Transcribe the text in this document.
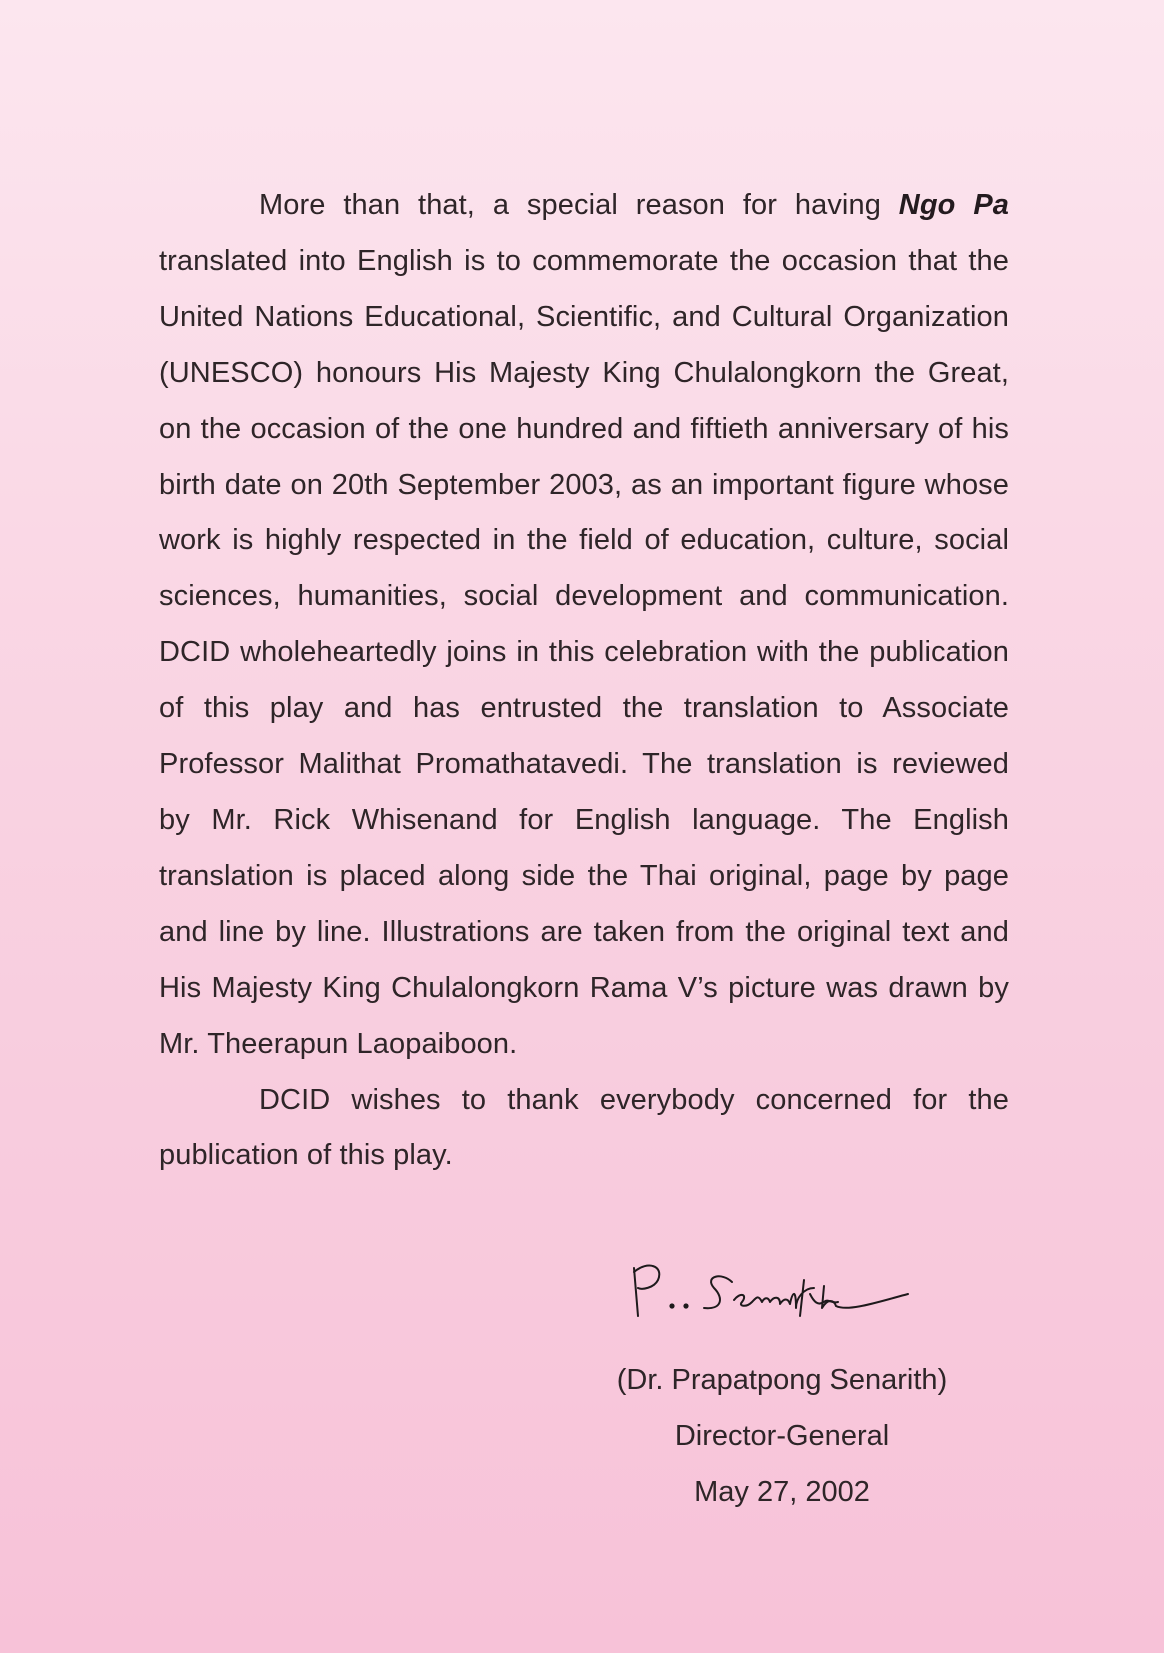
More than that, a special reason for having Ngo Pa translated into English is to commemorate the occasion that the United Nations Educational, Scientific, and Cultural Organization (UNESCO) honours His Majesty King Chulalongkorn the Great, on the occasion of the one hundred and fiftieth anniversary of his birth date on 20th September 2003, as an important figure whose work is highly respected in the field of education, culture, social sciences, humanities, social development and communication. DCID wholeheartedly joins in this celebration with the publication of this play and has entrusted the translation to Associate Professor Malithat Promathatavedi. The translation is reviewed by Mr. Rick Whisenand for English language. The English translation is placed along side the Thai original, page by page and line by line. Illustrations are taken from the original text and His Majesty King Chulalongkorn Rama V’s picture was drawn by Mr. Theerapun Laopaiboon.

DCID wishes to thank everybody concerned for the publication of this play.

(Dr. Prapatpong Senarith)
Director-General
May 27, 2002
